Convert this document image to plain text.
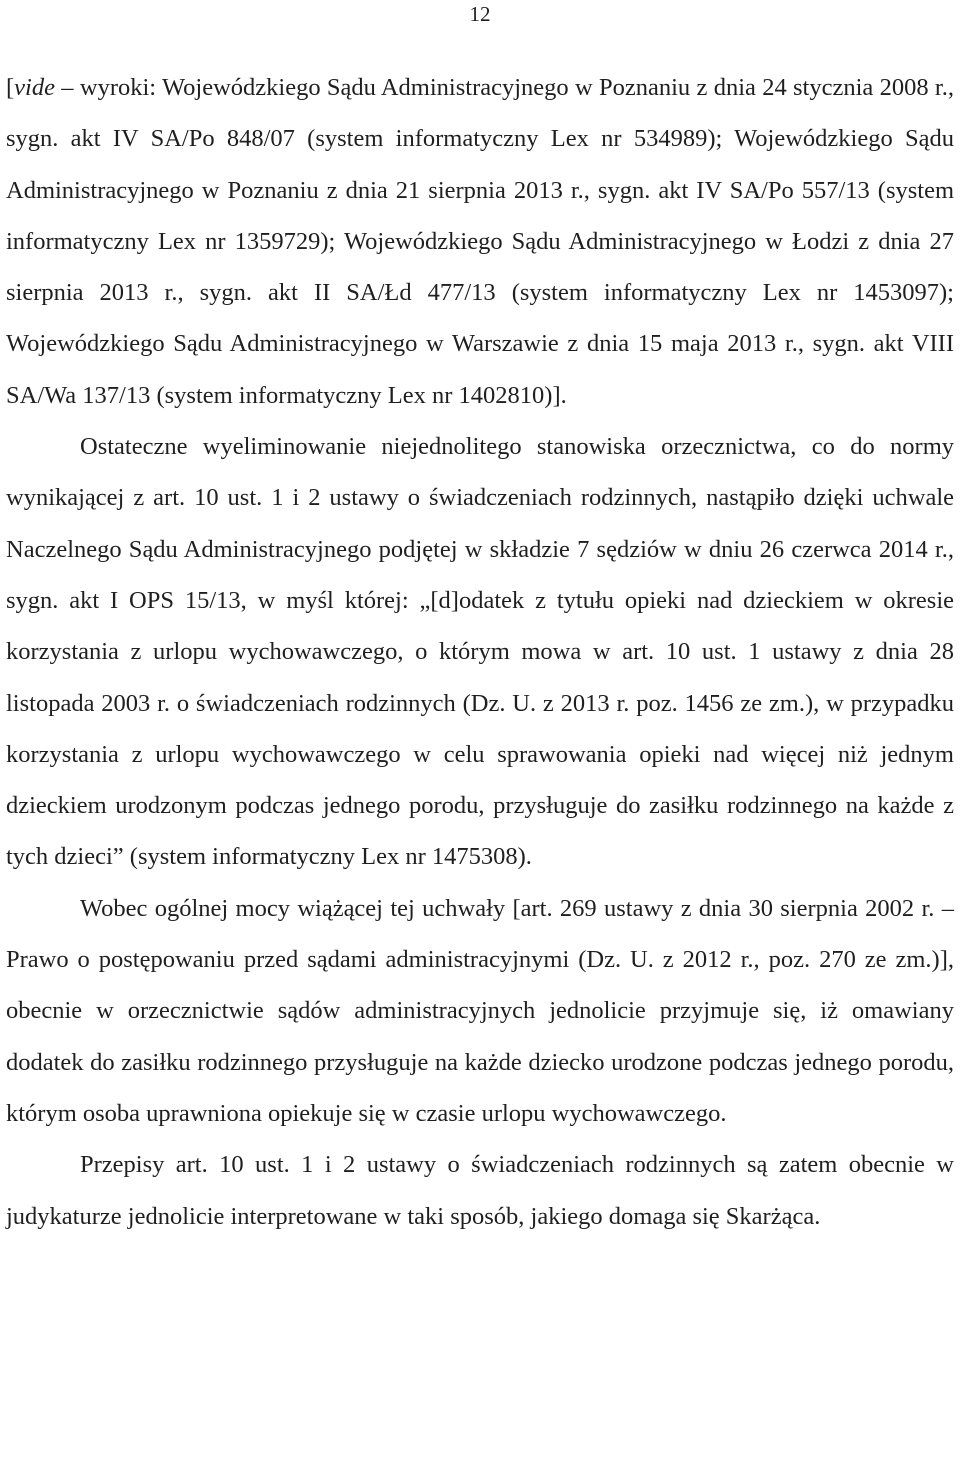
12

[vide – wyroki: Wojewódzkiego Sądu Administracyjnego w Poznaniu z dnia 24 stycznia 2008 r., sygn. akt IV SA/Po 848/07 (system informatyczny Lex nr 534989); Wojewódzkiego Sądu Administracyjnego w Poznaniu z dnia 21 sierpnia 2013 r., sygn. akt IV SA/Po 557/13 (system informatyczny Lex nr 1359729); Wojewódzkiego Sądu Administracyjnego w Łodzi z dnia 27 sierpnia 2013 r., sygn. akt II SA/Łd 477/13 (system informatyczny Lex nr 1453097); Wojewódzkiego Sądu Administracyjnego w Warszawie z dnia 15 maja 2013 r., sygn. akt VIII SA/Wa 137/13 (system informatyczny Lex nr 1402810)].

Ostateczne wyeliminowanie niejednolitego stanowiska orzecznictwa, co do normy wynikającej z art. 10 ust. 1 i 2 ustawy o świadczeniach rodzinnych, nastąpiło dzięki uchwale Naczelnego Sądu Administracyjnego podjętej w składzie 7 sędziów w dniu 26 czerwca 2014 r., sygn. akt I OPS 15/13, w myśl której: „[d]odatek z tytułu opieki nad dzieckiem w okresie korzystania z urlopu wychowawczego, o którym mowa w art. 10 ust. 1 ustawy z dnia 28 listopada 2003 r. o świadczeniach rodzinnych (Dz. U. z 2013 r. poz. 1456 ze zm.), w przypadku korzystania z urlopu wychowawczego w celu sprawowania opieki nad więcej niż jednym dzieckiem urodzonym podczas jednego porodu, przysługuje do zasiłku rodzinnego na każde z tych dzieci” (system informatyczny Lex nr 1475308).

Wobec ogólnej mocy wiążącej tej uchwały [art. 269 ustawy z dnia 30 sierpnia 2002 r. – Prawo o postępowaniu przed sądami administracyjnymi (Dz. U. z 2012 r., poz. 270 ze zm.)], obecnie w orzecznictwie sądów administracyjnych jednolicie przyjmuje się, iż omawiany dodatek do zasiłku rodzinnego przysługuje na każde dziecko urodzone podczas jednego porodu, którym osoba uprawniona opiekuje się w czasie urlopu wychowawczego.

Przepisy art. 10 ust. 1 i 2 ustawy o świadczeniach rodzinnych są zatem obecnie w judykaturze jednolicie interpretowane w taki sposób, jakiego domaga się Skarżąca.
